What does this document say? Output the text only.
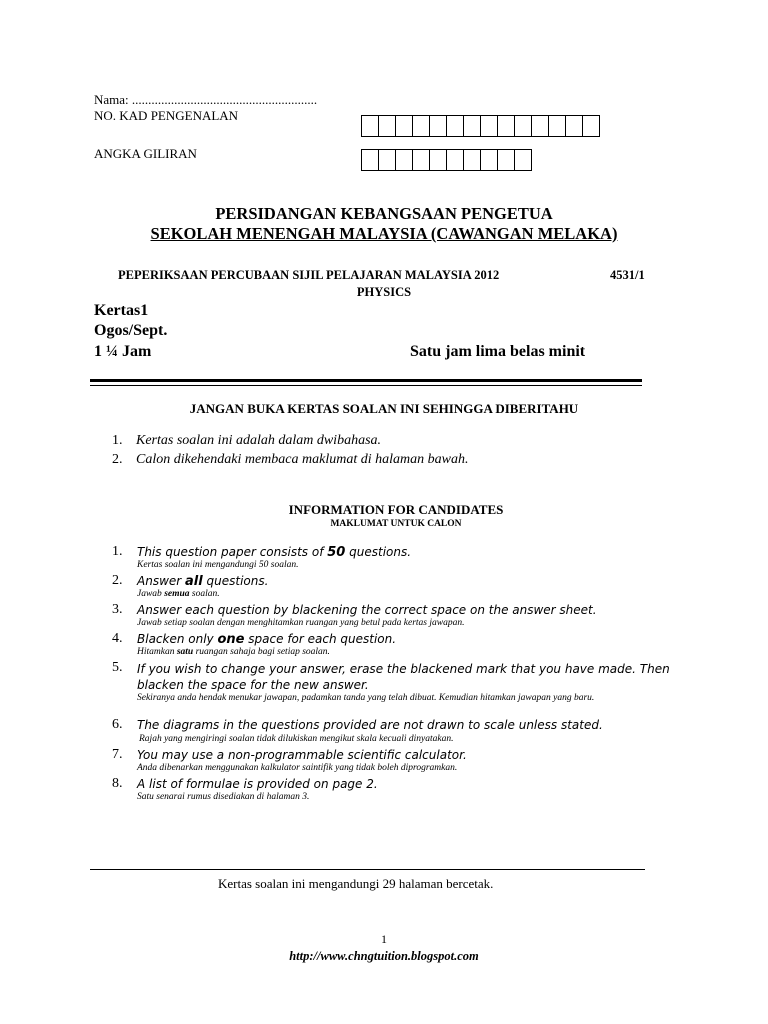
Nama: .........................................................
NO. KAD PENGENALAN
ANGKA GILIRAN
PERSIDANGAN KEBANGSAAN PENGETUA
SEKOLAH MENENGAH MALAYSIA (CAWANGAN MELAKA)
PEPERIKSAAN PERCUBAAN SIJIL PELAJARAN MALAYSIA 2012	4531/1
PHYSICS
Kertas1
Ogos/Sept.
1 ¼ Jam	Satu jam lima belas minit
JANGAN BUKA KERTAS SOALAN INI SEHINGGA DIBERITAHU
1. Kertas soalan ini adalah dalam dwibahasa.
2. Calon dikehendaki membaca maklumat di halaman bawah.
INFORMATION FOR CANDIDATES
MAKLUMAT UNTUK CALON
1. This question paper consists of 50 questions.
Kertas soalan ini mengandungi 50 soalan.
2. Answer all questions.
Jawab semua soalan.
3. Answer each question by blackening the correct space on the answer sheet.
Jawab setiap soalan dengan menghitamkan ruangan yang betul pada kertas jawapan.
4. Blacken only one space for each question.
Hitamkan satu ruangan sahaja bagi setiap soalan.
5. If you wish to change your answer, erase the blackened mark that you have made. Then blacken the space for the new answer.
Sekiranya anda hendak menukar jawapan, padamkan tanda yang telah dibuat. Kemudian hitamkan jawapan yang baru.
6. The diagrams in the questions provided are not drawn to scale unless stated.
Rajah yang mengiringi soalan tidak dilukiskan mengikut skala kecuali dinyatakan.
7. You may use a non-programmable scientific calculator.
Anda dibenarkan menggunakan kalkulator saintifik yang tidak boleh diprogramkan.
8. A list of formulae is provided on page 2.
Satu senarai rumus disediakan di halaman 3.
Kertas soalan ini mengandungi 29 halaman bercetak.
1
http://www.chngtuition.blogspot.com
